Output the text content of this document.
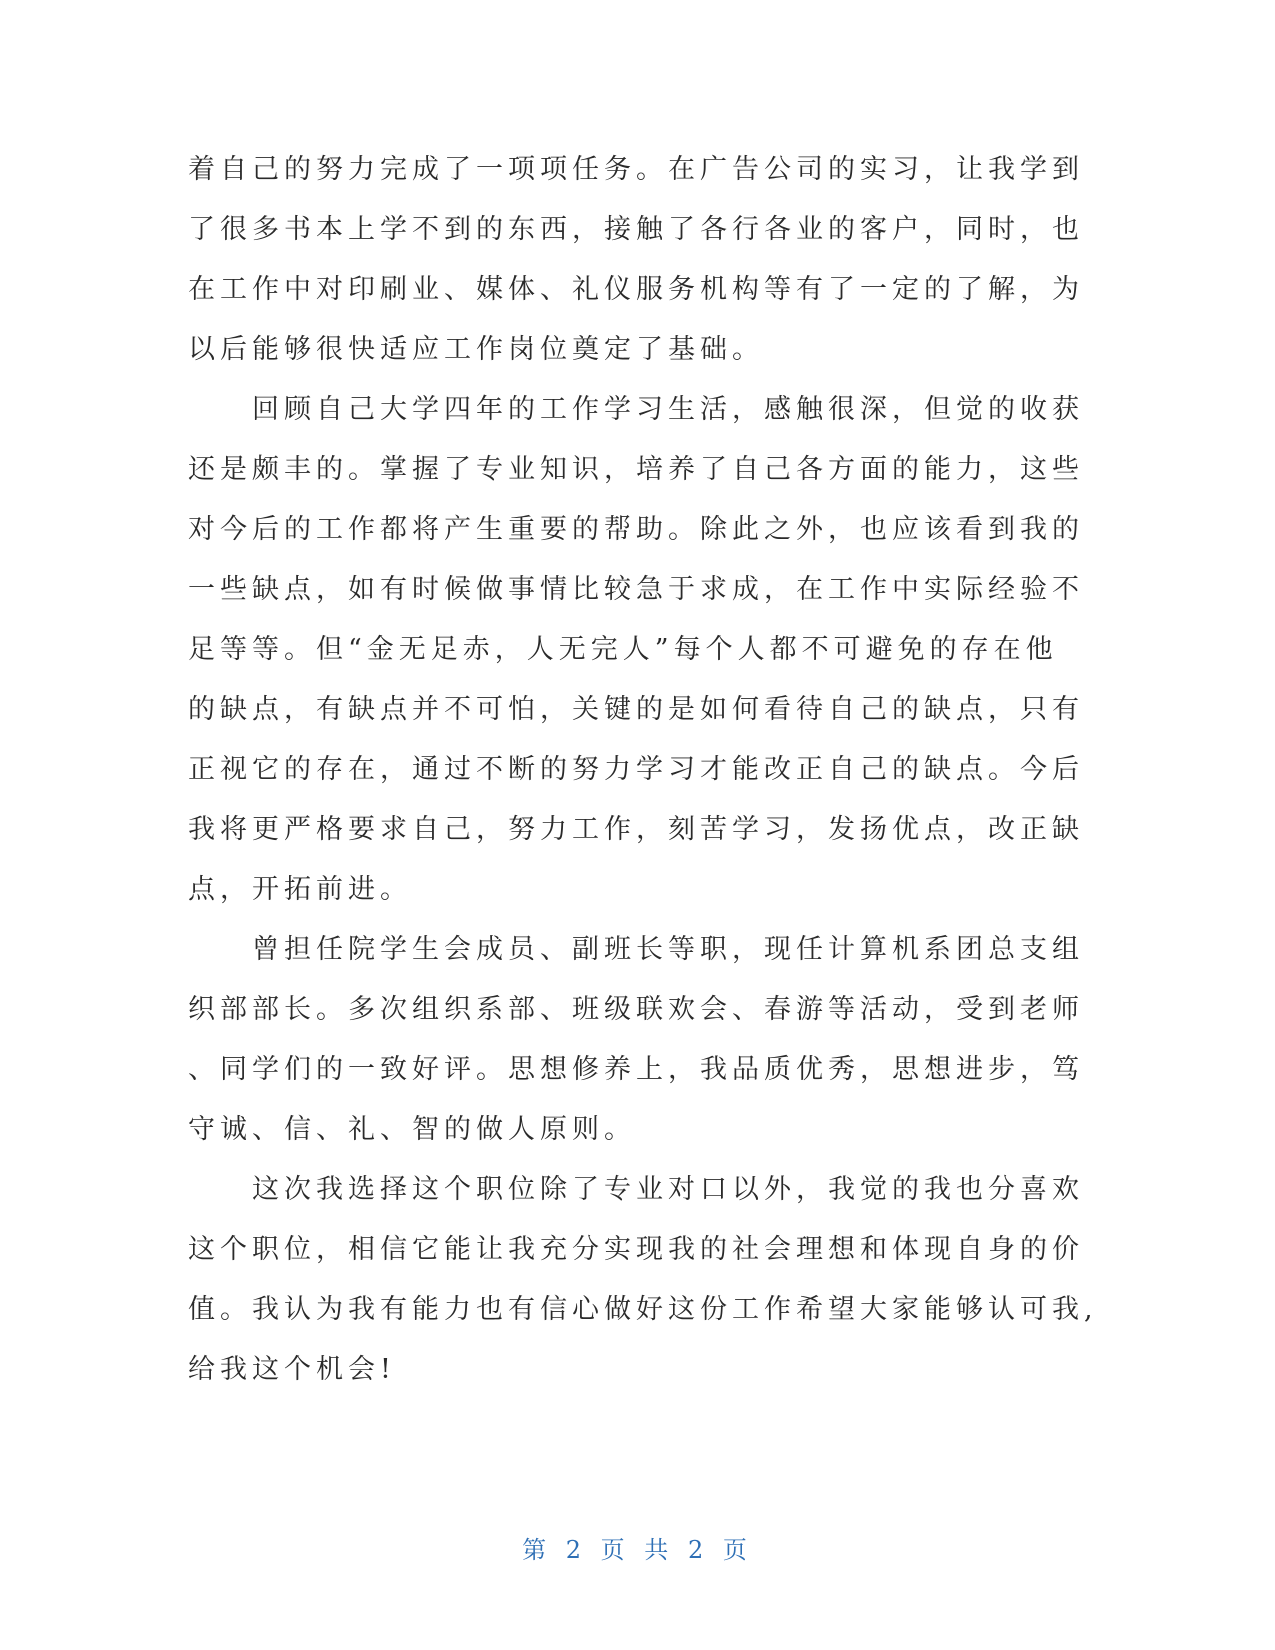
着自己的努力完成了一项项任务。在广告公司的实习，让我学到
了很多书本上学不到的东西，接触了各行各业的客户，同时，也
在工作中对印刷业、媒体、礼仪服务机构等有了一定的了解，为
以后能够很快适应工作岗位奠定了基础。
回顾自己大学四年的工作学习生活，感触很深，但觉的收获
还是颇丰的。掌握了专业知识，培养了自己各方面的能力，这些
对今后的工作都将产生重要的帮助。除此之外，也应该看到我的
一些缺点，如有时候做事情比较急于求成，在工作中实际经验不
足等等。但“金无足赤，人无完人”每个人都不可避免的存在他
的缺点，有缺点并不可怕，关键的是如何看待自己的缺点，只有
正视它的存在，通过不断的努力学习才能改正自己的缺点。今后
我将更严格要求自己，努力工作，刻苦学习，发扬优点，改正缺
点，开拓前进。
曾担任院学生会成员、副班长等职，现任计算机系团总支组
织部部长。多次组织系部、班级联欢会、春游等活动，受到老师
、同学们的一致好评。思想修养上，我品质优秀，思想进步，笃
守诚、信、礼、智的做人原则。
这次我选择这个职位除了专业对口以外，我觉的我也分喜欢
这个职位，相信它能让我充分实现我的社会理想和体现自身的价
值。我认为我有能力也有信心做好这份工作希望大家能够认可我,
给我这个机会!
第 2 页 共 2 页
